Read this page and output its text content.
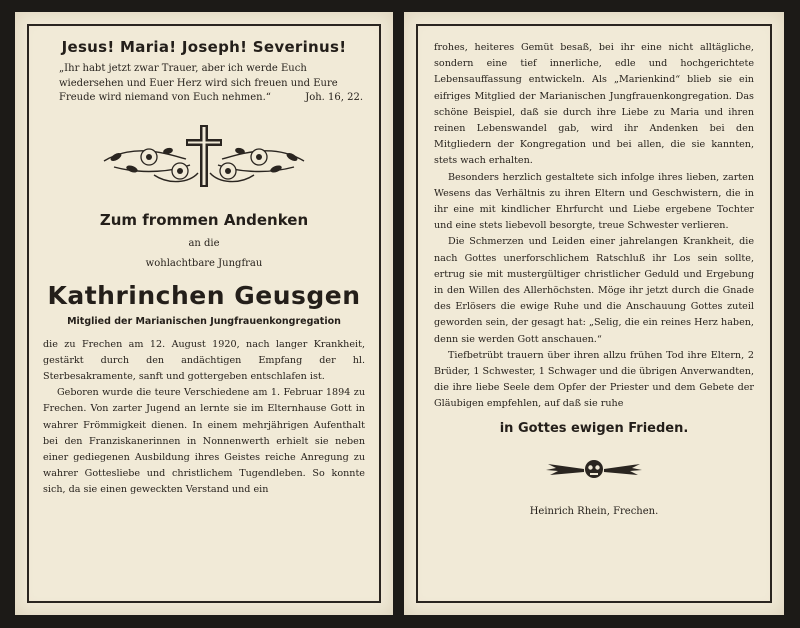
Jesus! Maria! Joseph! Severinus!
„Ihr habt jetzt zwar Trauer, aber ich werde Euch wiedersehen und Euer Herz wird sich freuen und Eure Freude wird niemand von Euch nehmen.“	Joh. 16, 22.
Zum frommen Andenken
an die
wohlachtbare Jungfrau
Kathrinchen Geusgen
Mitglied der Marianischen Jungfrauenkongregation

die zu Frechen am 12. August 1920, nach langer Krankheit, gestärkt durch den andächtigen Empfang der hl. Sterbesakramente, sanft und gottergeben entschlafen ist.

Geboren wurde die teure Verschiedene am 1. Februar 1894 zu Frechen. Von zarter Jugend an lernte sie im Elternhause Gott in wahrer Frömmigkeit dienen. In einem mehrjährigen Aufenthalt bei den Franziskanerinnen in Nonnenwerth erhielt sie neben einer gediegenen Ausbildung ihres Geistes reiche Anregung zu wahrer Gottesliebe und christlichem Tugendleben. So konnte sich, da sie einen geweckten Verstand und ein

frohes, heiteres Gemüt besaß, bei ihr eine nicht alltägliche, sondern eine tief innerliche, edle und hochgerichtete Lebensauffassung entwickeln. Als „Marienkind“ blieb sie ein eifriges Mitglied der Marianischen Jungfrauenkongregation. Das schöne Beispiel, daß sie durch ihre Liebe zu Maria und ihren reinen Lebenswandel gab, wird ihr Andenken bei den Mitgliedern der Kongregation und bei allen, die sie kannten, stets wach erhalten.

Besonders herzlich gestaltete sich infolge ihres lieben, zarten Wesens das Verhältnis zu ihren Eltern und Geschwistern, die in ihr eine mit kindlicher Ehrfurcht und Liebe ergebene Tochter und eine stets liebevoll besorgte, treue Schwester verlieren.

Die Schmerzen und Leiden einer jahrelangen Krankheit, die nach Gottes unerforschlichem Ratschluß ihr Los sein sollte, ertrug sie mit mustergültiger christlicher Geduld und Ergebung in den Willen des Allerhöchsten. Möge ihr jetzt durch die Gnade des Erlösers die ewige Ruhe und die Anschauung Gottes zuteil geworden sein, der gesagt hat: „Selig, die ein reines Herz haben, denn sie werden Gott anschauen.“

Tiefbetrübt trauern über ihren allzu frühen Tod ihre Eltern, 2 Brüder, 1 Schwester, 1 Schwager und die übrigen Anverwandten, die ihre liebe Seele dem Opfer der Priester und dem Gebete der Gläubigen empfehlen, auf daß sie ruhe

in Gottes ewigen Frieden.
Heinrich Rhein, Frechen.
